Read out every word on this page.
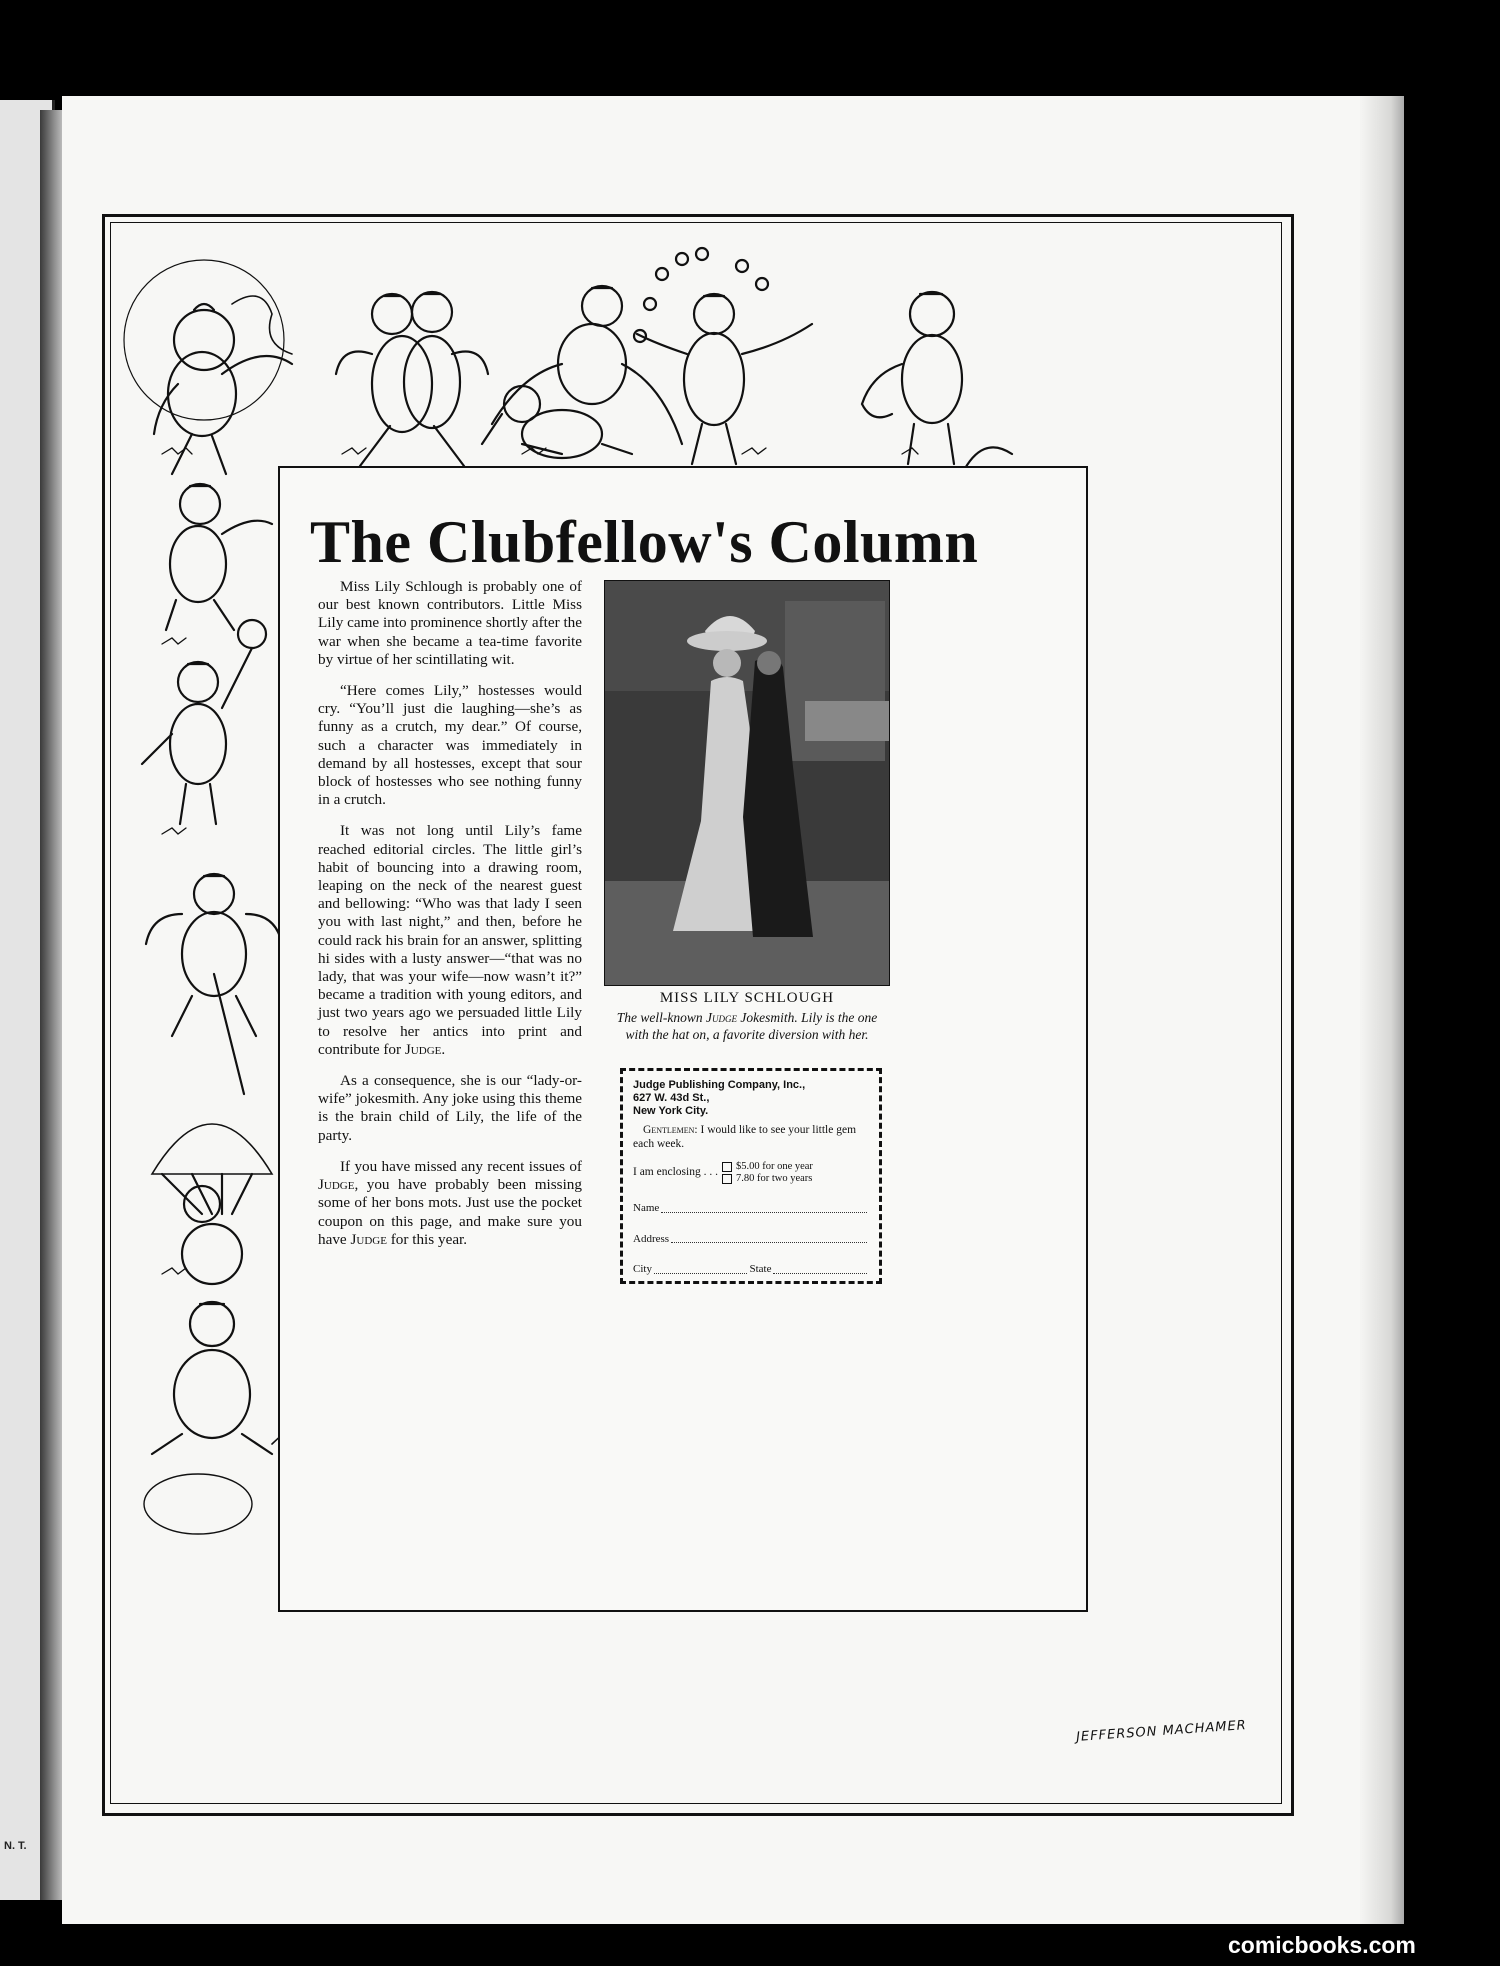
N. T.
The Clubfellow's Column

Miss Lily Schlough is probably one of our best known contributors. Little Miss Lily came into prominence shortly after the war when she became a tea-time favorite by virtue of her scintillating wit.

“Here comes Lily,” hostesses would cry. “You’ll just die laughing—she’s as funny as a crutch, my dear.” Of course, such a character was immediately in demand by all hostesses, except that sour block of hostesses who see nothing funny in a crutch.

It was not long until Lily’s fame reached editorial circles. The little girl’s habit of bouncing into a drawing room, leaping on the neck of the nearest guest and bellowing: “Who was that lady I seen you with last night,” and then, before he could rack his brain for an answer, splitting hi sides with a lusty answer—“that was no lady, that was your wife—now wasn’t it?” became a tradition with young editors, and just two years ago we persuaded little Lily to resolve her antics into print and contribute for Judge.

As a consequence, she is our “lady-or-wife” jokesmith. Any joke using this theme is the brain child of Lily, the life of the party.

If you have missed any recent issues of Judge, you have probably been missing some of her bons mots. Just use the pocket coupon on this page, and make sure you have Judge for this year.

MISS LILY SCHLOUGH
The well-known Judge Jokesmith. Lily is the one with the hat on, a favorite diversion with her.
Judge Publishing Company, Inc.,
627 W. 43d St.,
New York City.
Gentlemen: I would like to see your little gem each week.
I am enclosing . . .	$5.00 for one year
7.80 for two years
Name
Address
City	State
JEFFERSON MACHAMER
comicbooks.com
